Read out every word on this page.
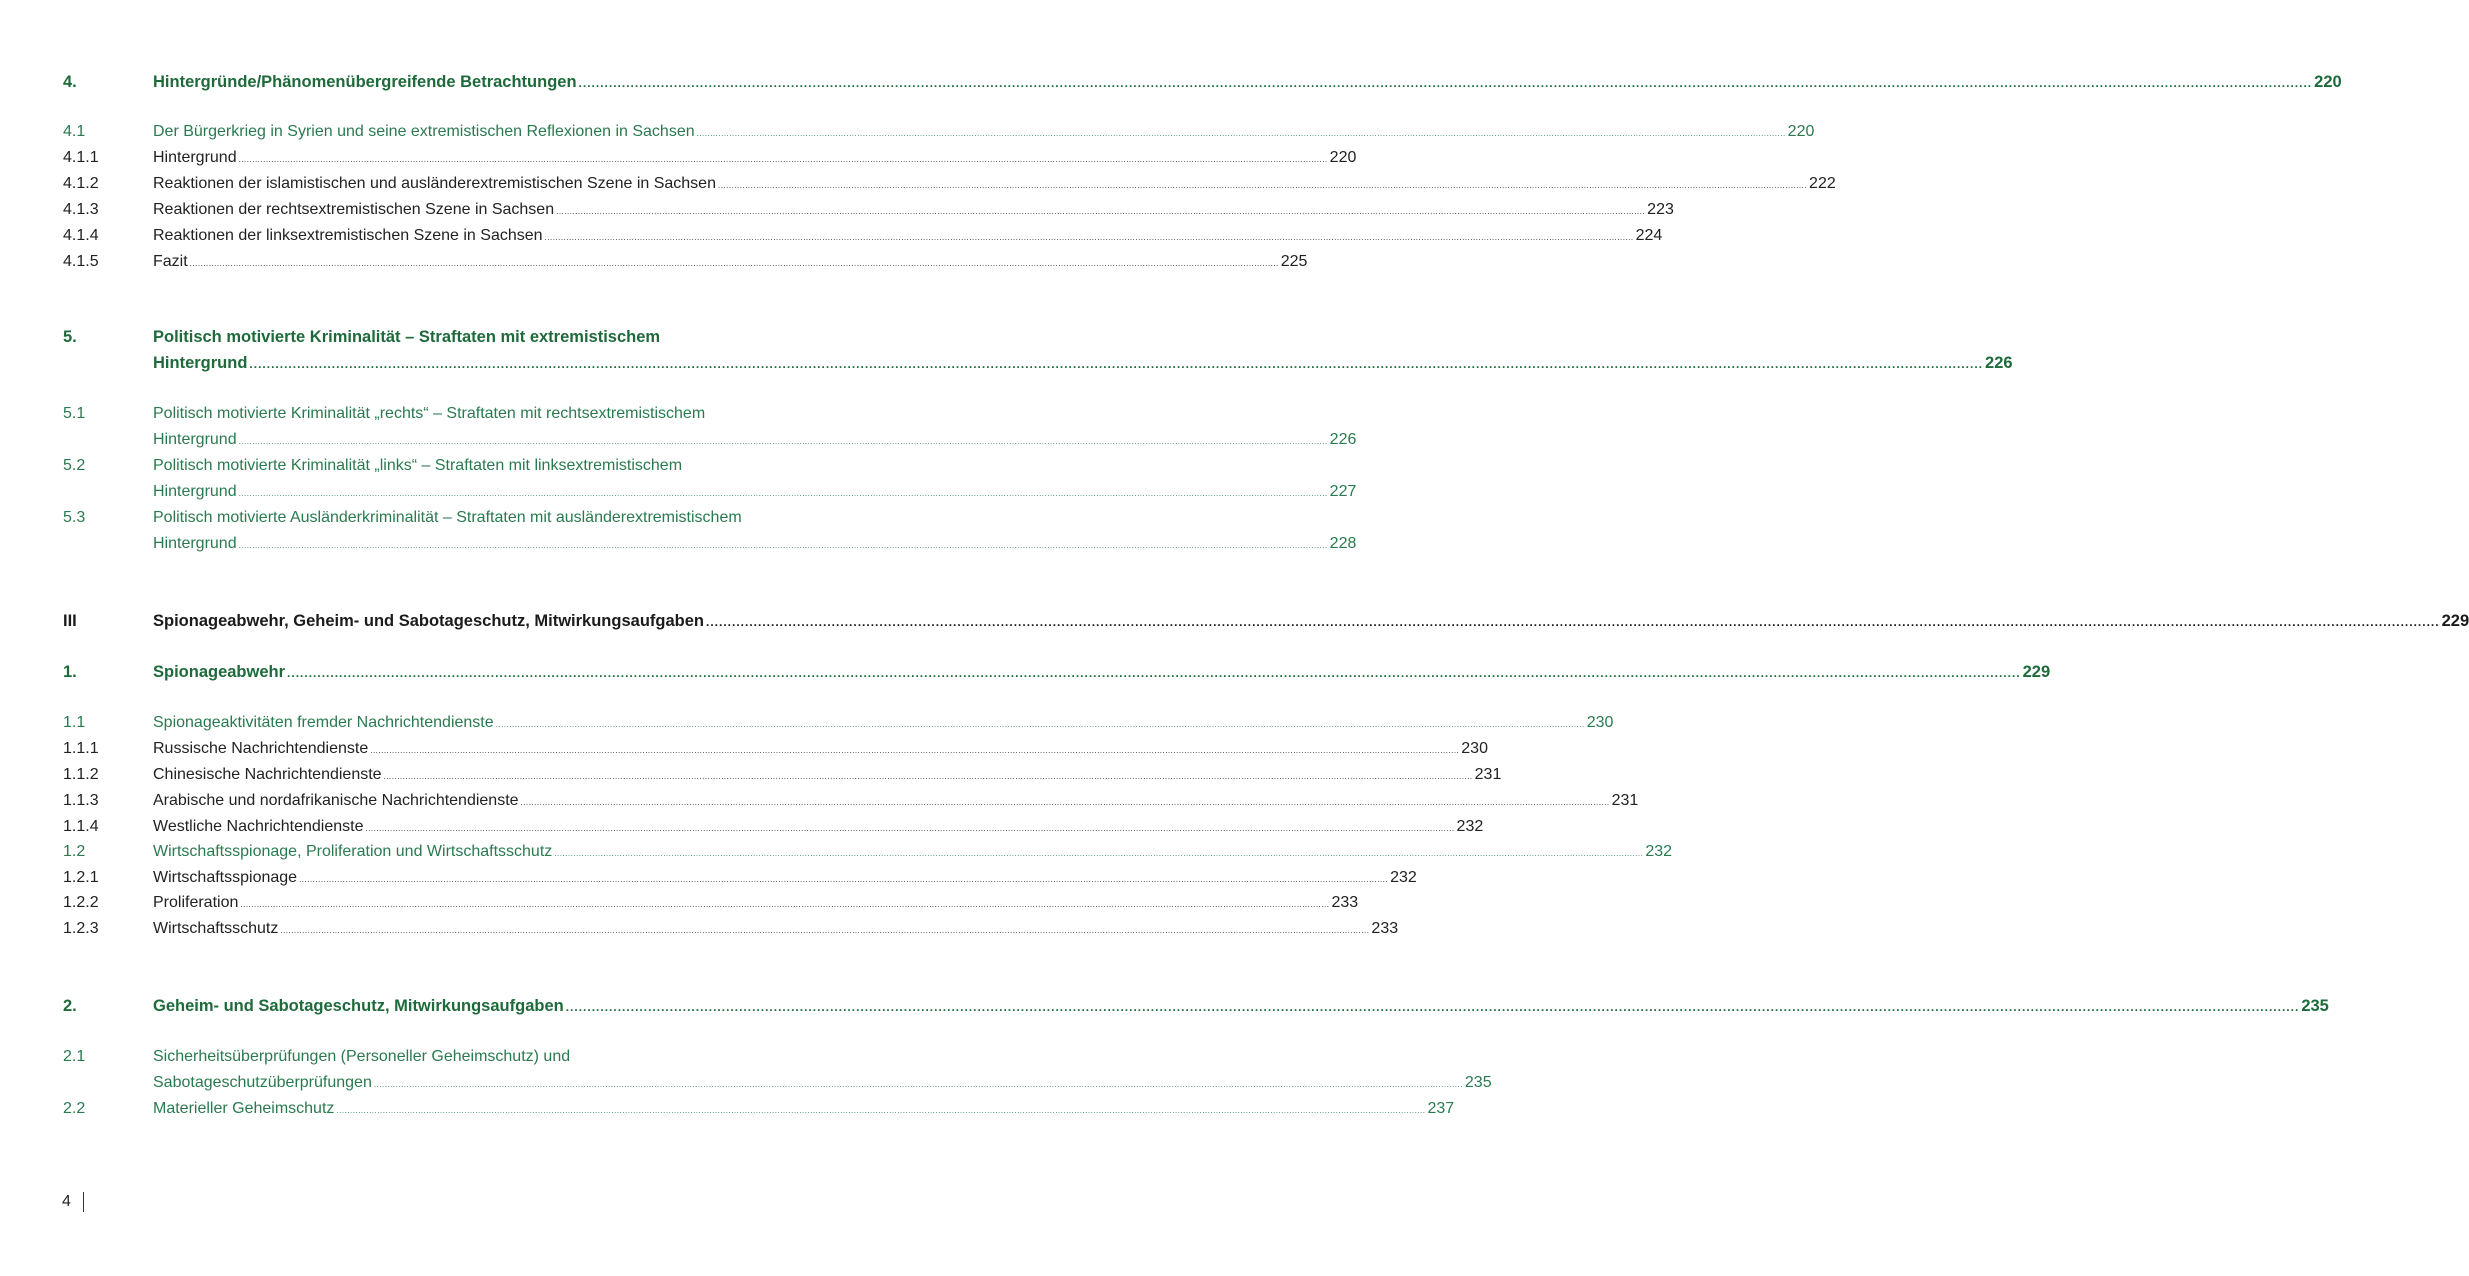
4.	Hintergründe/Phänomenübergreifende Betrachtungen ................................................................................................................................................................................................................................................................................................................................................................................................................ 220
4.1	Der Bürgerkrieg in Syrien und seine extremistischen Reflexionen in Sachsen ................................................................................................................................................................................................................................................................................................................................................................................................................ 220
4.1.1	Hintergrund ................................................................................................................................................................................................................................................................................................................................................................................................................ 220
4.1.2	Reaktionen der islamistischen und ausländerextremistischen Szene in Sachsen ................................................................................................................................................................................................................................................................................................................................................................................................................ 222
4.1.3	Reaktionen der rechtsextremistischen Szene in Sachsen ................................................................................................................................................................................................................................................................................................................................................................................................................ 223
4.1.4	Reaktionen der linksextremistischen Szene in Sachsen ................................................................................................................................................................................................................................................................................................................................................................................................................ 224
4.1.5	Fazit ................................................................................................................................................................................................................................................................................................................................................................................................................ 225
5.	Politisch motivierte Kriminalität – Straftaten mit extremistischem
Hintergrund ................................................................................................................................................................................................................................................................................................................................................................................................................ 226
5.1	Politisch motivierte Kriminalität „rechts“ – Straftaten mit rechtsextremistischem
Hintergrund ................................................................................................................................................................................................................................................................................................................................................................................................................ 226
5.2	Politisch motivierte Kriminalität „links“ – Straftaten mit linksextremistischem
Hintergrund ................................................................................................................................................................................................................................................................................................................................................................................................................ 227
5.3	Politisch motivierte Ausländerkriminalität – Straftaten mit ausländerextremistischem
Hintergrund ................................................................................................................................................................................................................................................................................................................................................................................................................ 228
III	Spionageabwehr, Geheim- und Sabotageschutz, Mitwirkungsaufgaben ................................................................................................................................................................................................................................................................................................................................................................................................................ 229
1.	Spionageabwehr ................................................................................................................................................................................................................................................................................................................................................................................................................ 229
1.1	Spionageaktivitäten fremder Nachrichtendienste ................................................................................................................................................................................................................................................................................................................................................................................................................ 230
1.1.1	Russische Nachrichtendienste ................................................................................................................................................................................................................................................................................................................................................................................................................ 230
1.1.2	Chinesische Nachrichtendienste ................................................................................................................................................................................................................................................................................................................................................................................................................ 231
1.1.3	Arabische und nordafrikanische Nachrichtendienste ................................................................................................................................................................................................................................................................................................................................................................................................................ 231
1.1.4	Westliche Nachrichtendienste ................................................................................................................................................................................................................................................................................................................................................................................................................ 232
1.2	Wirtschaftsspionage, Proliferation und Wirtschaftsschutz ................................................................................................................................................................................................................................................................................................................................................................................................................ 232
1.2.1	Wirtschaftsspionage ................................................................................................................................................................................................................................................................................................................................................................................................................ 232
1.2.2	Proliferation ................................................................................................................................................................................................................................................................................................................................................................................................................ 233
1.2.3	Wirtschaftsschutz ................................................................................................................................................................................................................................................................................................................................................................................................................ 233
2.	Geheim- und Sabotageschutz, Mitwirkungsaufgaben ................................................................................................................................................................................................................................................................................................................................................................................................................ 235
2.1	Sicherheitsüberprüfungen (Personeller Geheimschutz) und
Sabotageschutzüberprüfungen ................................................................................................................................................................................................................................................................................................................................................................................................................ 235
2.2	Materieller Geheimschutz ................................................................................................................................................................................................................................................................................................................................................................................................................ 237
4
